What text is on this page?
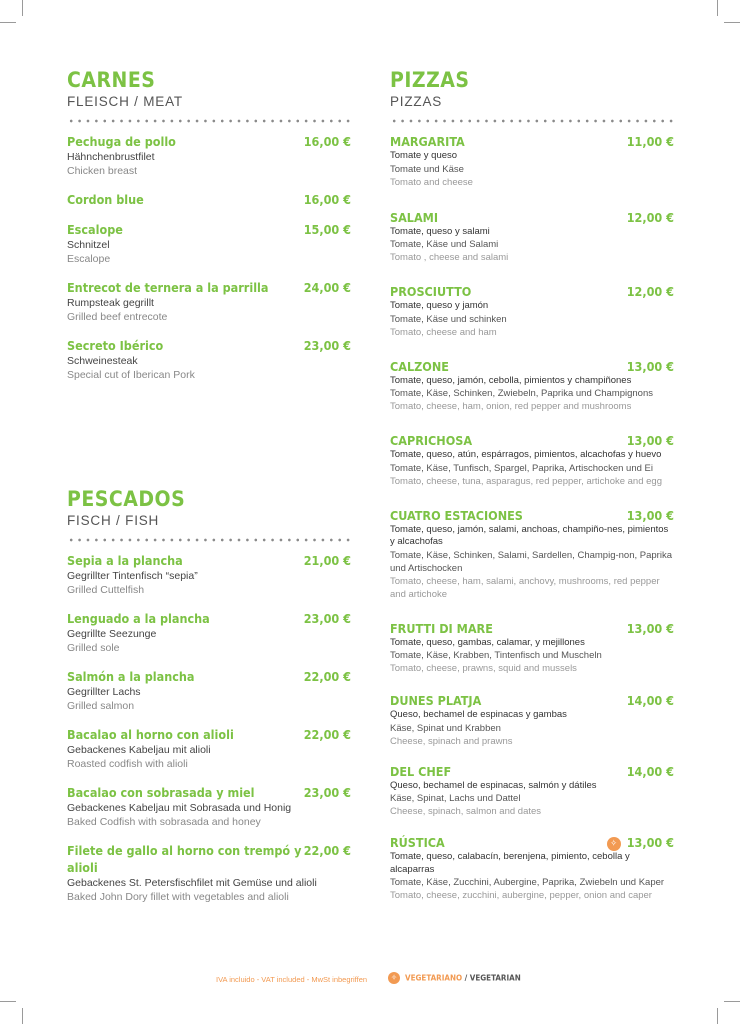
CARNES
FLEISCH / MEAT
Pechuga de pollo	16,00 €
Hähnchenbrustfilet
Chicken breast
Cordon blue	16,00 €
Escalope	15,00 €
Schnitzel
Escalope
Entrecot de ternera a la parrilla	24,00 €
Rumpsteak gegrillt
Grilled beef entrecote
Secreto Ibérico	23,00 €
Schweinesteak
Special cut of Iberican Pork
PESCADOS
FISCH / FISH
Sepia a la plancha	21,00 €
Gegrillter Tintenfisch “sepia”
Grilled Cuttelfish
Lenguado a la plancha	23,00 €
Gegrillte Seezunge
Grilled sole
Salmón a la plancha	22,00 €
Gegrillter Lachs
Grilled salmon
Bacalao al horno con alioli	22,00 €
Gebackenes Kabeljau mit alioli
Roasted codfish with alioli
Bacalao con sobrasada y miel	23,00 €
Gebackenes Kabeljau mit Sobrasada und Honig
Baked Codfish with sobrasada and honey
Filete de gallo al horno con trempó y alioli
22,00 €
Gebackenes St. Petersfischfilet mit Gemüse und alioli
Baked John Dory fillet with vegetables and alioli
PIZZAS
PIZZAS
MARGARITA	11,00 €
Tomate y queso
Tomate und Käse
Tomato and cheese
SALAMI	12,00 €
Tomate, queso y salami
Tomate, Käse und Salami
Tomato , cheese and salami
PROSCIUTTO	12,00 €
Tomate, queso y jamón
Tomate, Käse und schinken
Tomato, cheese and ham
CALZONE	13,00 €
Tomate, queso, jamón, cebolla, pimientos y champiñones
Tomate, Käse, Schinken, Zwiebeln, Paprika und Champignons
Tomato, cheese, ham, onion, red pepper and mushrooms
CAPRICHOSA	13,00 €
Tomate, queso, atún, espárragos, pimientos, alcachofas y huevo
Tomate, Käse, Tunfisch, Spargel, Paprika, Artischocken und Ei
Tomato, cheese, tuna, asparagus, red pepper, artichoke and egg
CUATRO ESTACIONES	13,00 €
Tomate, queso, jamón, salami, anchoas, champiño-nes, pimientos y alcachofas
Tomate, Käse, Schinken, Salami, Sardellen, Champig-non, Paprika und Artischocken
Tomato, cheese, ham, salami, anchovy, mushrooms, red pepper and artichoke
FRUTTI DI MARE	13,00 €
Tomate, queso, gambas, calamar, y mejillones
Tomate, Käse, Krabben, Tintenfisch und Muscheln
Tomato, cheese, prawns, squid and mussels
DUNES PLATJA	14,00 €
Queso, bechamel de espinacas y gambas
Käse, Spinat und Krabben
Cheese, spinach and prawns
DEL CHEF	14,00 €
Queso, bechamel de espinacas, salmón y dátiles
Käse, Spinat, Lachs und Dattel
Cheese, spinach, salmon and dates
RÚSTICA	✧ 13,00 €
Tomate, queso, calabacín, berenjena, pimiento, cebolla y alcaparras
Tomate, Käse, Zucchini, Aubergine, Paprika, Zwiebeln und Kaper
Tomato, cheese, zucchini, aubergine, pepper, onion and caper
IVA incluido - VAT included - MwSt inbegriffen	✧ VEGETARIANO / VEGETARIAN
